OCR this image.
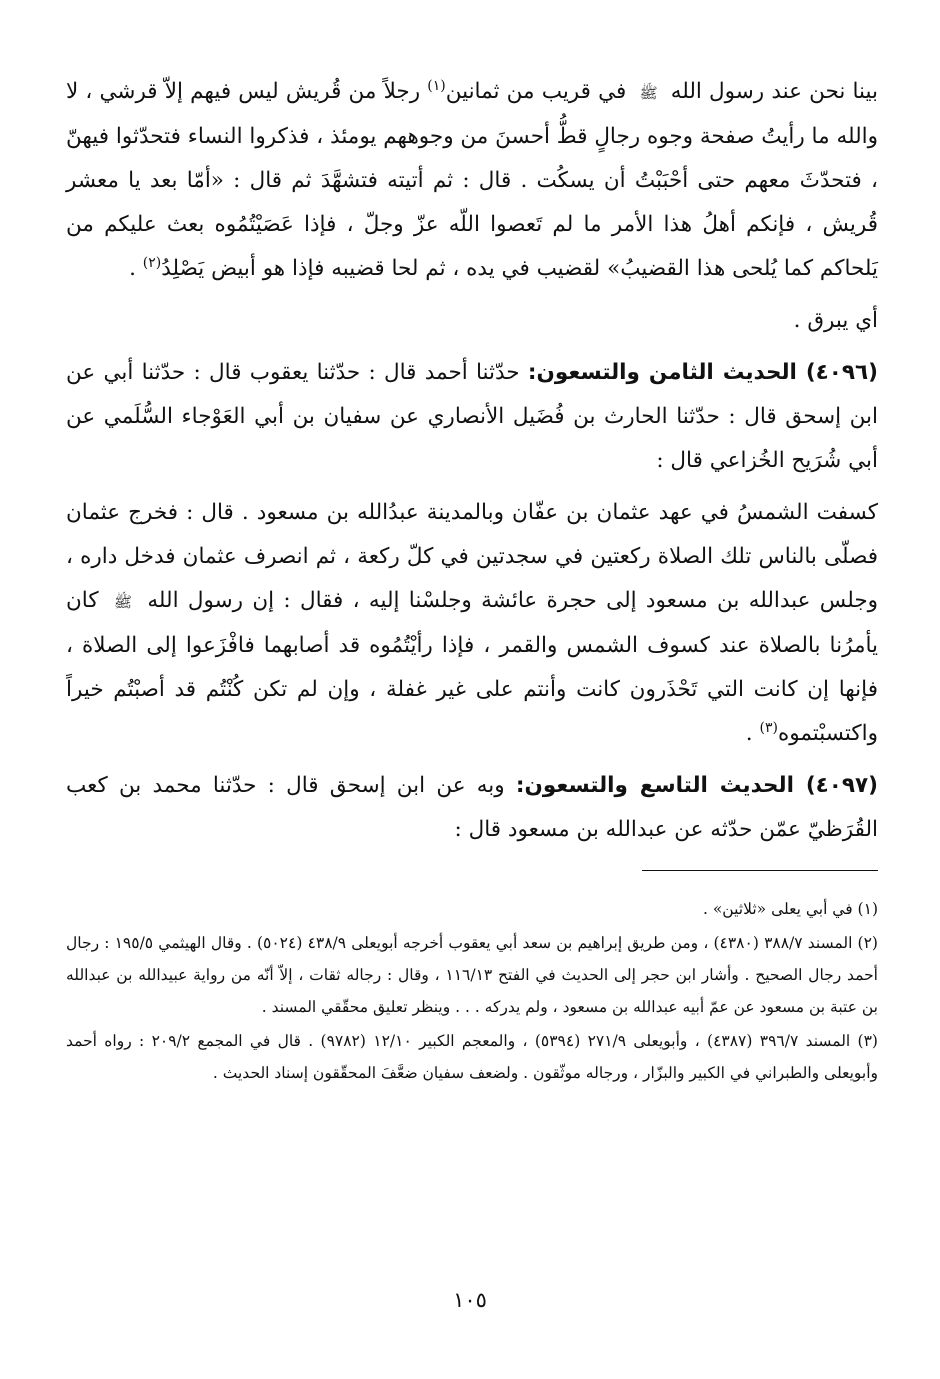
بينا نحن عند رسول الله ﷺ في قريب من ثمانين$^{(١)}$ رجلاً من قُريش ليس فيهم إلاّ قرشي ، لا والله ما رأيتُ صفحة وجوه رجالٍ قطُّ أحسنَ من وجوههم يومئذ ، فذكروا النساء فتحدّثوا فيهنّ ، فتحدّثَ معهم حتى أحْبَبْتُ أن يسكُت . قال : ثم أتيته فتشهَّدَ ثم قال : «أمّا بعد يا معشر قُريش ، فإنكم أهلُ هذا الأمر ما لم تَعصوا اللّه عزّ وجلّ ، فإذا عَصَيْتُمُوه بعث عليكم من يَلحاكم كما يُلحى هذا القضيبُ» لقضيب في يده ، ثم لحا قضيبه فإذا هو أبيض يَصْلِدُ$^{(٢)}$ .

أي يبرق .

(٤٠٩٦) الحديث الثامن والتسعون: حدّثنا أحمد قال : حدّثنا يعقوب قال : حدّثنا أبي عن ابن إسحق قال : حدّثنا الحارث بن فُضَيل الأنصاري عن سفيان بن أبي العَوْجاء السُّلَمي عن أبي شُرَيح الخُزاعي قال :

كسفت الشمسُ في عهد عثمان بن عفّان وبالمدينة عبدُالله بن مسعود . قال : فخرج عثمان فصلّى بالناس تلك الصلاة ركعتين في سجدتين في كلّ ركعة ، ثم انصرف عثمان فدخل داره ، وجلس عبدالله بن مسعود إلى حجرة عائشة وجلسْنا إليه ، فقال : إن رسول الله ﷺ كان يأمرُنا بالصلاة عند كسوف الشمس والقمر ، فإذا رأيْتُمُوه قد أصابهما فافْزَعوا إلى الصلاة ، فإنها إن كانت التي تَحْذَرون كانت وأنتم على غير غفلة ، وإن لم تكن كُنْتُم قد أصبْتُم خيراً واكتسبْتموه$^{(٣)}$ .

(٤٠٩٧) الحديث التاسع والتسعون: وبه عن ابن إسحق قال : حدّثنا محمد بن كعب القُرَظيّ عمّن حدّثه عن عبدالله بن مسعود قال :

(١) في أبي يعلى «ثلاثين» .

(٢) المسند ٣٨٨/٧ (٤٣٨٠) ، ومن طريق إبراهيم بن سعد أبي يعقوب أخرجه أبويعلى ٤٣٨/٩ (٥٠٢٤) . وقال الهيثمي ١٩٥/٥ : رجال أحمد رجال الصحيح . وأشار ابن حجر إلى الحديث في الفتح ١١٦/١٣ ، وقال : رجاله ثقات ، إلاّ أنّه من رواية عبيدالله بن عبدالله بن عتبة بن مسعود عن عمّ أبيه عبدالله بن مسعود ، ولم يدركه . . . وينظر تعليق محقّقي المسند .

(٣) المسند ٣٩٦/٧ (٤٣٨٧) ، وأبويعلى ٢٧١/٩ (٥٣٩٤) ، والمعجم الكبير ١٢/١٠ (٩٧٨٢) . قال في المجمع ٢٠٩/٢ : رواه أحمد وأبويعلى والطبراني في الكبير والبزّار ، ورجاله موثّقون . ولضعف سفيان ضعَّفَ المحقّقون إسناد الحديث .

١٠٥
